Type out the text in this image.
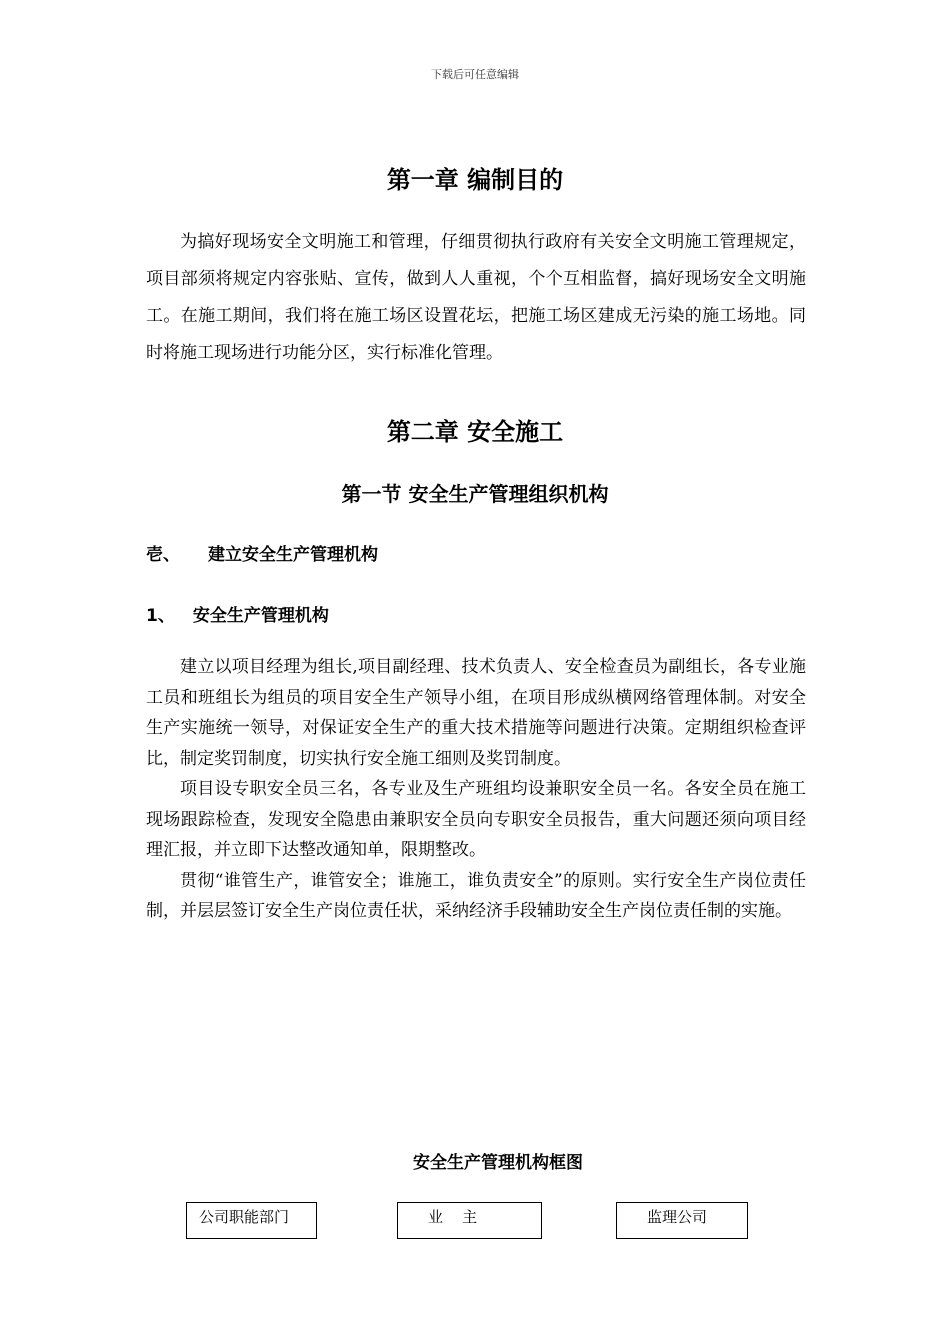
下载后可任意编辑
第一章 编制目的

为搞好现场安全文明施工和管理，仔细贯彻执行政府有关安全文明施工管理规定，项目部须将规定内容张贴、宣传，做到人人重视，个个互相监督，搞好现场安全文明施工。在施工期间，我们将在施工场区设置花坛，把施工场区建成无污染的施工场地。同时将施工现场进行功能分区，实行标准化管理。

第二章 安全施工
第一节 安全生产管理组织机构
壱、 建立安全生产管理机构
1、 安全生产管理机构

建立以项目经理为组长,项目副经理、技术负责人、安全检查员为副组长，各专业施工员和班组长为组员的项目安全生产领导小组，在项目形成纵横网络管理体制。对安全生产实施统一领导，对保证安全生产的重大技术措施等问题进行决策。定期组织检查评比，制定奖罚制度，切实执行安全施工细则及奖罚制度。

项目设专职安全员三名，各专业及生产班组均设兼职安全员一名。各安全员在施工现场跟踪检查，发现安全隐患由兼职安全员向专职安全员报告，重大问题还须向项目经理汇报，并立即下达整改通知单，限期整改。

贯彻“谁管生产，谁管安全；谁施工，谁负责安全”的原则。实行安全生产岗位责任制，并层层签订安全生产岗位责任状，采纳经济手段辅助安全生产岗位责任制的实施。

安全生产管理机构框图
公司职能部门	业    主	监理公司
